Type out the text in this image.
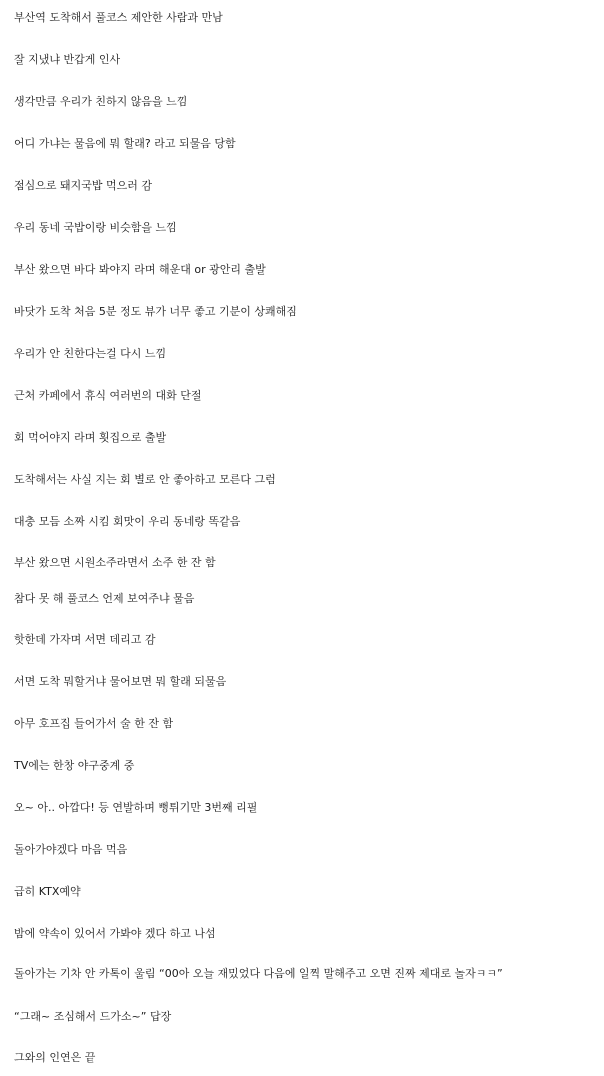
부산역 도착해서 풀코스 제안한 사람과 만남
잘 지냈냐 반갑게 인사
생각만큼 우리가 친하지 않음을 느낌
어디 가냐는 물음에 뭐 할래? 라고 되물음 당함
점심으로 돼지국밥 먹으러 감
우리 동네 국밥이랑 비슷함을 느낌
부산 왔으면 바다 봐야지 라며 해운대 or 광안리 출발
바닷가 도착 처음 5분 정도 뷰가 너무 좋고 기분이 상쾌해짐
우리가 안 친한다는걸 다시 느낌
근처 카페에서 휴식 여러번의 대화 단절
회 먹어야지 라며 횟집으로 출발
도착해서는 사실 지는 회 별로 안 좋아하고 모른다 그럼
대충 모듬 소짜 시킴 회맛이 우리 동네랑 똑같음
부산 왔으면 시원소주라면서 소주 한 잔 함
참다 못 해 풀코스 언제 보여주냐 물음
핫한데 가자며 서면 데리고 감
서면 도착 뭐할거냐 물어보면 뭐 할래 되물음
아무 호프집 들어가서 술 한 잔 함
TV에는 한창 야구중계 중
오~ 아.. 아깝다! 등 연발하며 뻥튀기만 3번째 리필
돌아가야겠다 마음 먹음
급히 KTX예약
밤에 약속이 있어서 가봐야 겠다 하고 나섬
돌아가는 기차 안 카톡이 울림 “00아 오늘 재밌었다 다음에 일찍 말해주고 오면 진짜 제대로 놀자ㅋㅋ”
“그래~ 조심해서 드가소~” 답장
그와의 인연은 끝
